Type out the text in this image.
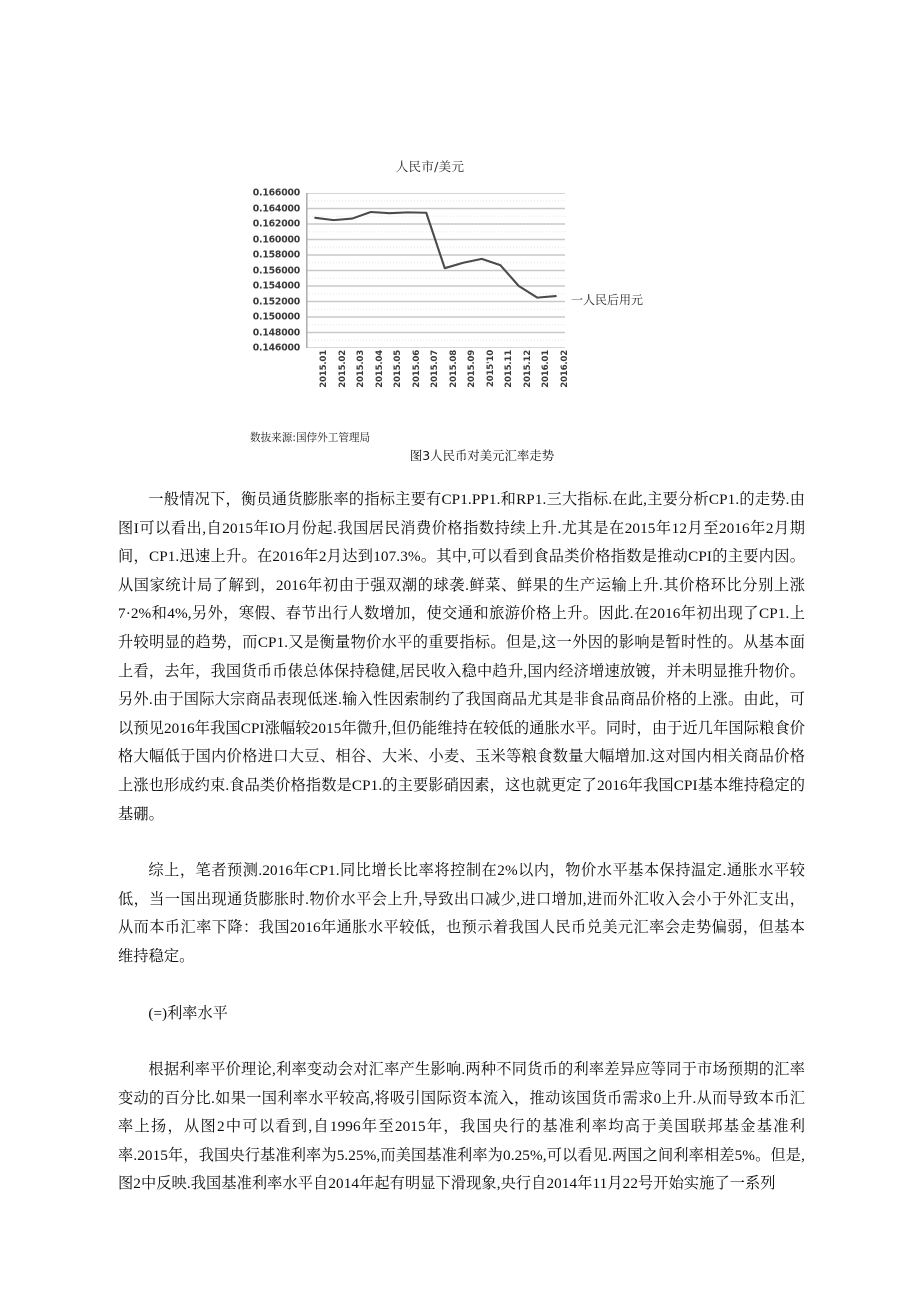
人民市/美元
0.166000
0.164000
0.162000
0.160000
0.158000
0.156000
0.154000
0.152000
0.150000
0.148000
0.146000
2015.01 2015.02 2015.03 2015.04 2015.05 2015.06 2015.07 2015.08 2015.09 2015'10 2015.11 2015.12 2016.01 2016.02
一人民后用元
数抜来源:国侼外工管理局
图3人民币对美元汇率走势

一般情况下，衡员通货膨胀率的指标主要有CP1.PP1.和RP1.三大指标.在此,主要分析CP1.的走势.由图I可以看出,自2015年IO月份起.我国居民消费价格指数持续上升.尤其是在2015年12月至2016年2月期间，CP1.迅速上升。在2016年2月达到107.3%。其中,可以看到食品类价格指数是推动CPI的主要内因。从国家统计局了解到，2016年初由于强双潮的球袭.鲜菜、鲜果的生产运输上升.其价格环比分别上涨7·2%和4%,另外，寒假、春节出行人数增加，使交通和旅游价格上升。因此.在2016年初出现了CP1.上升较明显的趋势，而CP1.又是衡量物价水平的重要指标。但是,这一外因的影响是暂时性的。从基本面上看，去年，我国货币币俵总体保持稳健,居民收入稳中趋升,国内经济增速放镀，并未明显推升物价。另外.由于国际大宗商品表现低迷.输入性因索制约了我国商品尤其是非食品商品价格的上涨。由此，可以预见2016年我国CPI涨幅较2015年微升,但仍能维持在较低的通胀水平。同时，由于近几年国际粮食价格大幅低于国内价格进口大豆、相谷、大米、小麦、玉米等粮食数量大幅增加.这对国内相关商品价格上涨也形成约束.食品类价格指数是CP1.的主要影硝因素，这也就更定了2016年我国CPI基本维持稳定的基硼。

综上，笔者预测.2016年CP1.同比增长比率将控制在2%以内，物价水平基本保持温定.通胀水平较低，当一国出现通货膨胀时.物价水平会上升,导致出口减少,进口增加,进而外汇收入会小于外汇支出，从而本币汇率下降：我国2016年通胀水平较低，也预示着我国人民币兑美元汇率会走势偏弱，但基本维持稳定。

(=)利率水平

根据利率平价理论,利率变动会对汇率产生影响.两种不同货币的利率差异应等同于市场预期的汇率变动的百分比.如果一国利率水平较高,将吸引国际资本流入，推动该国货币需求0上升.从而导致本币汇率上扬，从图2中可以看到,自1996年至2015年，我国央行的基准利率均高于美国联邦基金基准利率.2015年，我国央行基准利率为5.25%,而美国基准利率为0.25%,可以看见.两国之间利率相差5%。但是,图2中反映.我国基准利率水平自2014年起有明显下滑现象,央行自2014年11月22号开始实施了一系列
